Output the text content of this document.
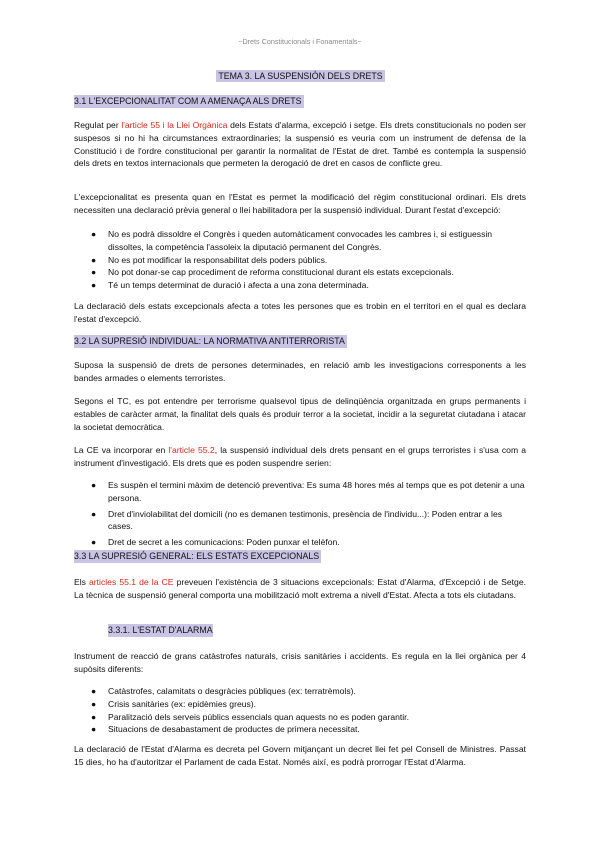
~Drets Constitucionals i Fonamentals~
TEMA 3. LA SUSPENSIÓN DELS DRETS
3.1 L'EXCEPCIONALITAT COM A AMENAÇA ALS DRETS

Regulat per l'article 55 i la Llei Orgànica dels Estats d'alarma, excepció i setge. Els drets constitucionals no poden ser suspesos si no hi ha circumstances extraordinaries; la suspensió es veuria com un instrument de defensa de la Constitució i de l'ordre constitucional per garantir la normalitat de l'Estat de dret. També es contempla la suspensió dels drets en textos internacionals que permeten la derogació de dret en casos de conflicte greu.

L'excepcionalitat es presenta quan en l'Estat es permet la modificació del règim constitucional ordinari. Els drets necessiten una declaració prèvia general o llei habilitadora per la suspensió individual. Durant l'estat d'excepció:

● No es podrà dissoldre el Congrès i queden automàticament convocades les cambres i, si estiguessin dissoltes, la competència l'assoleix la diputació permanent del Congrès.
● No es pot modificar la responsabilitat dels poders públics.
● No pot donar-se cap procediment de reforma constitucional durant els estats excepcionals.
● Té un temps determinat de duració i afecta a una zona determinada.

La declaració dels estats excepcionals afecta a totes les persones que es trobin en el territori en el qual es declara l'estat d'excepció.

3.2 LA SUPRESIÓ INDIVIDUAL: LA NORMATIVA ANTITERRORISTA

Suposa la suspensió de drets de persones determinades, en relació amb les investigacions corresponents a les bandes armades o elements terroristes.

Segons el TC, es pot entendre per terrorisme qualsevol tipus de delinqüència organitzada en grups permanents i estables de caràcter armat, la finalitat dels quals és produir terror a la societat, incidir a la seguretat ciutadana i atacar la societat democràtica.

La CE va incorporar en l'article 55.2, la suspensió individual dels drets pensant en el grups terroristes i s'usa com a instrument d'investigació. Els drets que es poden suspendre serien:

● Es suspèn el termini màxim de detenció preventiva: Es suma 48 hores més al temps que es pot detenir a una persona.
● Dret d'inviolabilitat del domicili (no es demanen testimonis, presència de l'individu...): Poden entrar a les cases.
● Dret de secret a les comunicacions: Poden punxar el telèfon.
3.3 LA SUPRESIÓ GENERAL: ELS ESTATS EXCEPCIONALS

Els articles 55.1 de la CE preveuen l'existència de 3 situacions excepcionals: Estat d'Alarma, d'Excepció i de Setge. La tècnica de suspensió general comporta una mobilització molt extrema a nivell d'Estat. Afecta a tots els ciutadans.

3.3.1. L'ESTAT D'ALARMA

Instrument de reacció de grans catàstrofes naturals, crisis sanitàries i accidents. Es regula en la llei orgànica per 4 supòsits diferents:

● Catàstrofes, calamitats o desgràcies públiques (ex: terratrèmols).
● Crisis sanitàries (ex: epidèmies greus).
● Paralització dels serveis públics essencials quan aquests no es poden garantir.
● Situacions de desabastament de productes de primera necessitat.

La declaració de l'Estat d'Alarma es decreta pel Govern mitjançant un decret llei fet pel Consell de Ministres. Passat 15 dies, ho ha d'autoritzar el Parlament de cada Estat. Només així, es podrà prorrogar l'Estat d'Alarma.
